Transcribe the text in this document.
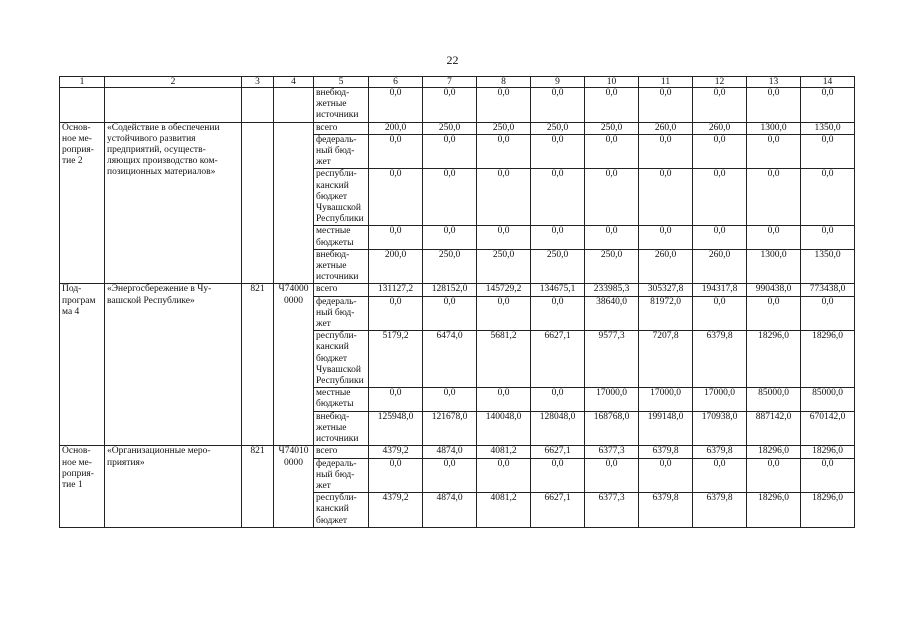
22
1	2	3	4	5	6	7	8	9	10	11	12	13	14

				внебюд-
жетные
источники	0,0	0,0	0,0	0,0	0,0	0,0	0,0	0,0	0,0

Основ-
ное ме-
роприя-
тие 2	«Содействие в обеспечении
устойчивого развития
предприятий, осуществ-
ляющих производство ком-
позиционных материалов»			всего	200,0	250,0	250,0	250,0	250,0	260,0	260,0	1300,0	1350,0

				федераль-
ный бюд-
жет	0,0	0,0	0,0	0,0	0,0	0,0	0,0	0,0	0,0

				республи-
канский
бюджет
Чувашской
Республики	0,0	0,0	0,0	0,0	0,0	0,0	0,0	0,0	0,0

				местные
бюджеты	0,0	0,0	0,0	0,0	0,0	0,0	0,0	0,0	0,0

				внебюд-
жетные
источники	200,0	250,0	250,0	250,0	250,0	260,0	260,0	1300,0	1350,0

Под-
програм
ма 4	«Энергосбережение в Чу-
вашской Республике»	821	Ч74000
0000	всего	131127,2	128152,0	145729,2	134675,1	233985,3	305327,8	194317,8	990438,0	773438,0

				федераль-
ный бюд-
жет	0,0	0,0	0,0	0,0	38640,0	81972,0	0,0	0,0	0,0

				республи-
канский
бюджет
Чувашской
Республики	5179,2	6474,0	5681,2	6627,1	9577,3	7207,8	6379,8	18296,0	18296,0

				местные
бюджеты	0,0	0,0	0,0	0,0	17000,0	17000,0	17000,0	85000,0	85000,0

				внебюд-
жетные
источники	125948,0	121678,0	140048,0	128048,0	168768,0	199148,0	170938,0	887142,0	670142,0

Основ-
ное ме-
роприя-
тие 1	«Организационные меро-
приятия»	821	Ч74010
0000	всего	4379,2	4874,0	4081,2	6627,1	6377,3	6379,8	6379,8	18296,0	18296,0

				федераль-
ный бюд-
жет	0,0	0,0	0,0	0,0	0,0	0,0	0,0	0,0	0,0

				республи-
канский
бюджет	4379,2	4874,0	4081,2	6627,1	6377,3	6379,8	6379,8	18296,0	18296,0
